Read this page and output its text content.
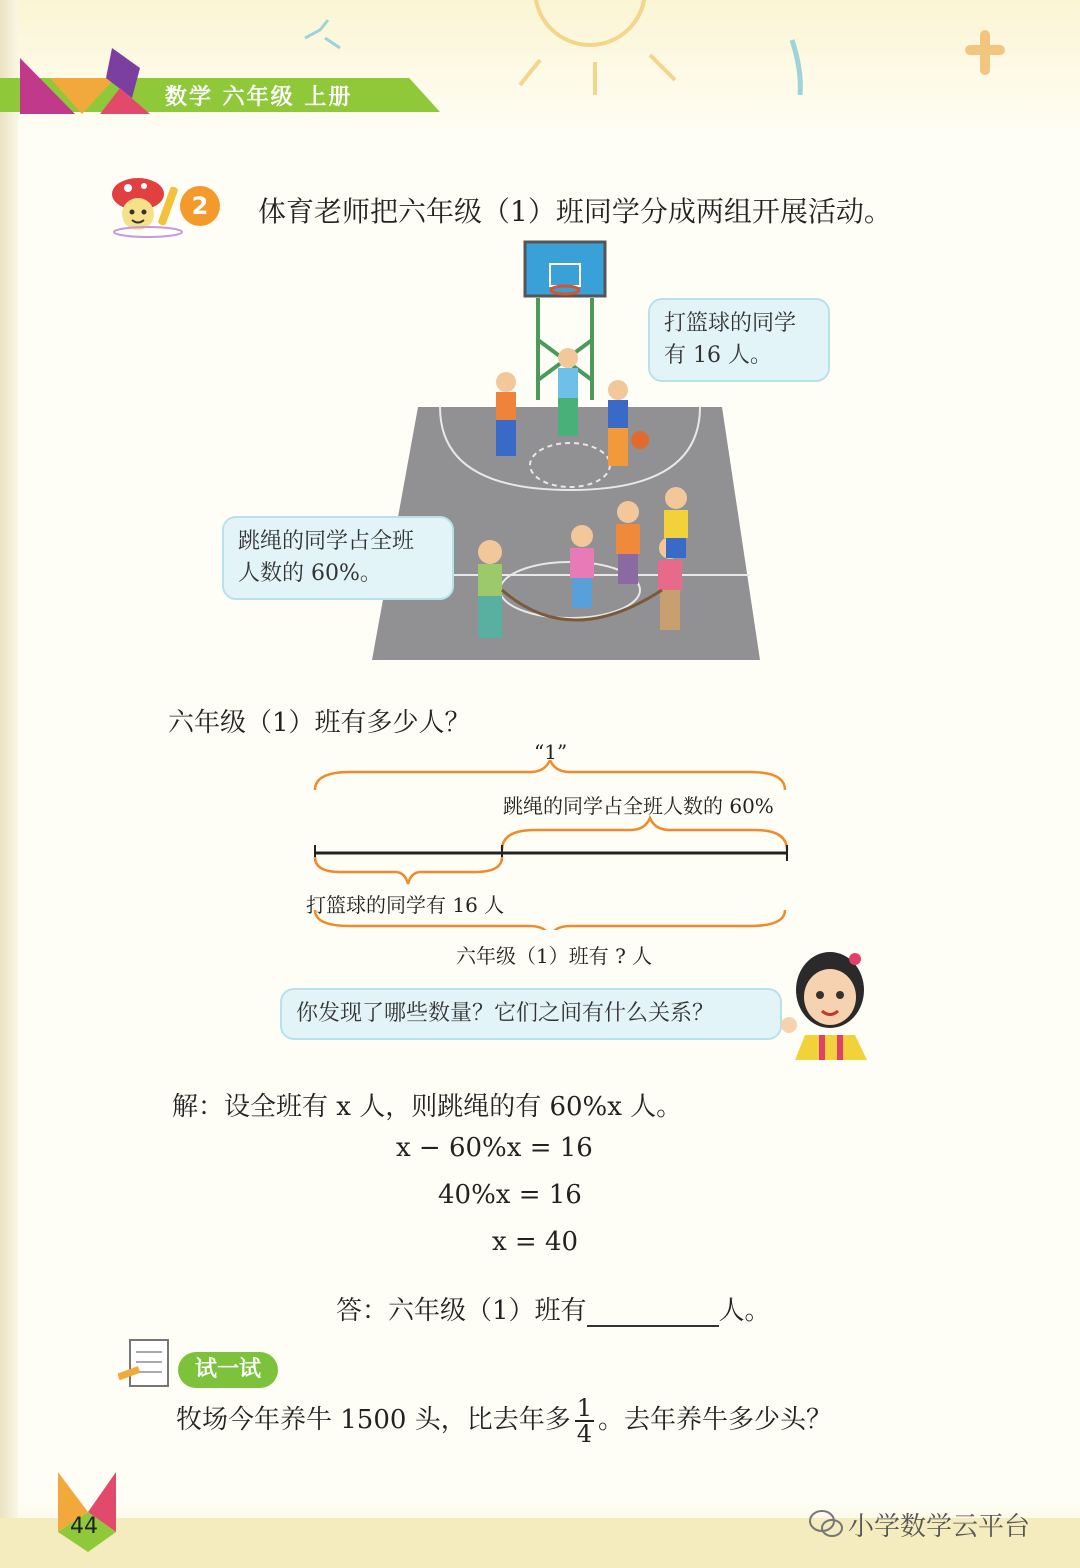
数学 六年级 上册
2	体育老师把六年级（1）班同学分成两组开展活动。
打篮球的同学
有 16 人。
跳绳的同学占全班
人数的 60%。
六年级（1）班有多少人？
“1”
跳绳的同学占全班人数的 60%
打篮球的同学有 16 人
六年级（1）班有 ? 人
你发现了哪些数量？它们之间有什么关系？
解：设全班有 x 人，则跳绳的有 60%x 人。
x − 60%x = 16
40%x = 16
x = 40
答：六年级（1）班有	人。
试一试
牧场今年养牛 1500 头，比去年多 $\frac{1}{4}$ 。去年养牛多少头？
44	小学数学云平台
